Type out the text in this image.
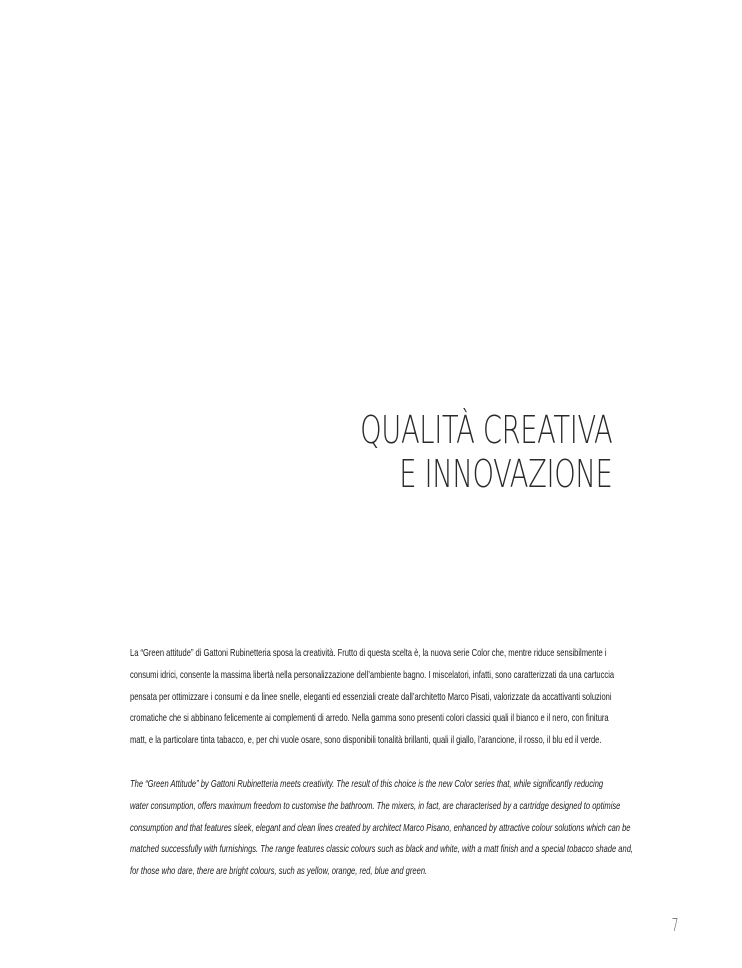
QUALITÀ CREATIVA
E INNOVAZIONE

La “Green attitude” di Gattoni Rubinetteria sposa la creatività. Frutto di questa scelta è, la nuova serie Color che, mentre riduce sensibilmente i
consumi idrici, consente la massima libertà nella personalizzazione dell’ambiente bagno. I miscelatori, infatti, sono caratterizzati da una cartuccia
pensata per ottimizzare i consumi e da linee snelle, eleganti ed essenziali create dall’architetto Marco Pisati, valorizzate da accattivanti soluzioni
cromatiche che si abbinano felicemente ai complementi di arredo. Nella gamma sono presenti colori classici quali il bianco e il nero, con finitura
matt, e la particolare tinta tabacco, e, per chi vuole osare, sono disponibili tonalità brillanti, quali il giallo, l’arancione, il rosso, il blu ed il verde.

The “Green Attitude” by Gattoni Rubinetteria meets creativity. The result of this choice is the new Color series that, while significantly reducing
water consumption, offers maximum freedom to customise the bathroom. The mixers, in fact, are characterised by a cartridge designed to optimise
consumption and that features sleek, elegant and clean lines created by architect Marco Pisano, enhanced by attractive colour solutions which can be
matched successfully with furnishings. The range features classic colours such as black and white, with a matt finish and a special tobacco shade and,
for those who dare, there are bright colours, such as yellow, orange, red, blue and green.

7
